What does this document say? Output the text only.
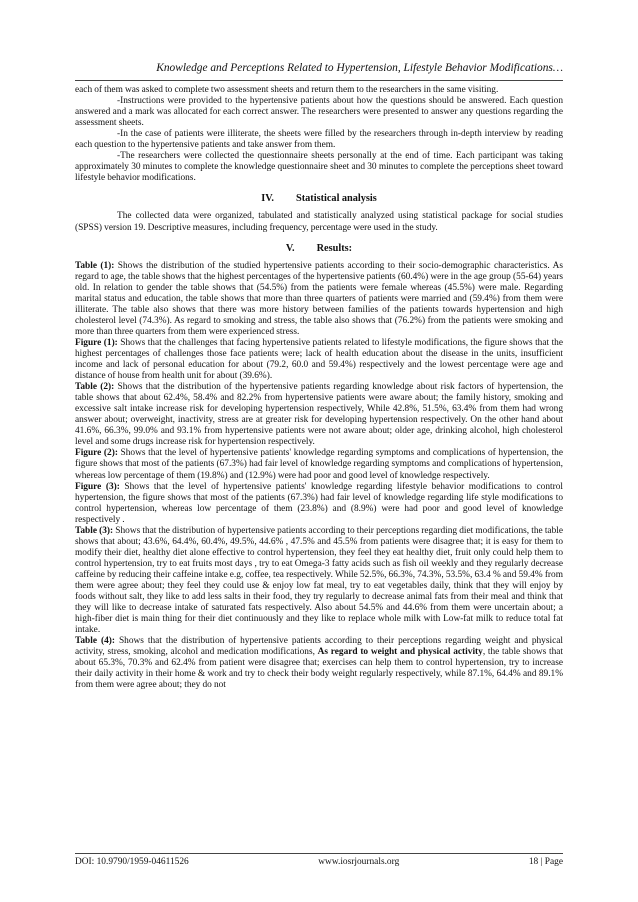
Knowledge and Perceptions Related to Hypertension, Lifestyle Behavior Modifications…

each of them was asked to complete two assessment sheets and return them to the researchers in the same visiting.

-Instructions were provided to the hypertensive patients about how the questions should be answered. Each question answered and a mark was allocated for each correct answer. The researchers were presented to answer any questions regarding the assessment sheets.

-In the case of patients were illiterate, the sheets were filled by the researchers through in-depth interview by reading each question to the hypertensive patients and take answer from them.

-The researchers were collected the questionnaire sheets personally at the end of time. Each participant was taking approximately 30 minutes to complete the knowledge questionnaire sheet and 30 minutes to complete the perceptions sheet toward lifestyle behavior modifications.

IV. Statistical analysis

The collected data were organized, tabulated and statistically analyzed using statistical package for social studies (SPSS) version 19. Descriptive measures, including frequency, percentage were used in the study.

V. Results:

Table (1): Shows the distribution of the studied hypertensive patients according to their socio-demographic characteristics. As regard to age, the table shows that the highest percentages of the hypertensive patients (60.4%) were in the age group (55-64) years old. In relation to gender the table shows that (54.5%) from the patients were female whereas (45.5%) were male. Regarding marital status and education, the table shows that more than three quarters of patients were married and (59.4%) from them were illiterate. The table also shows that there was more history between families of the patients towards hypertension and high cholesterol level (74.3%). As regard to smoking and stress, the table also shows that (76.2%) from the patients were smoking and more than three quarters from them were experienced stress.

Figure (1): Shows that the challenges that facing hypertensive patients related to lifestyle modifications, the figure shows that the highest percentages of challenges those face patients were; lack of health education about the disease in the units, insufficient income and lack of personal education for about (79.2, 60.0 and 59.4%) respectively and the lowest percentage were age and distance of house from health unit for about (39.6%).

Table (2): Shows that the distribution of the hypertensive patients regarding knowledge about risk factors of hypertension, the table shows that about 62.4%, 58.4% and 82.2% from hypertensive patients were aware about; the family history, smoking and excessive salt intake increase risk for developing hypertension respectively, While 42.8%, 51.5%, 63.4% from them had wrong answer about; overweight, inactivity, stress are at greater risk for developing hypertension respectively. On the other hand about 41.6%, 66.3%, 99.0% and 93.1% from hypertensive patients were not aware about; older age, drinking alcohol, high cholesterol level and some drugs increase risk for hypertension respectively.

Figure (2): Shows that the level of hypertensive patients' knowledge regarding symptoms and complications of hypertension, the figure shows that most of the patients (67.3%) had fair level of knowledge regarding symptoms and complications of hypertension, whereas low percentage of them (19.8%) and (12.9%) were had poor and good level of knowledge respectively.

Figure (3): Shows that the level of hypertensive patients' knowledge regarding lifestyle behavior modifications to control hypertension, the figure shows that most of the patients (67.3%) had fair level of knowledge regarding life style modifications to control hypertension, whereas low percentage of them (23.8%) and (8.9%) were had poor and good level of knowledge respectively .

Table (3): Shows that the distribution of hypertensive patients according to their perceptions regarding diet modifications, the table shows that about; 43.6%, 64.4%, 60.4%, 49.5%, 44.6% , 47.5% and 45.5% from patients were disagree that; it is easy for them to modify their diet, healthy diet alone effective to control hypertension, they feel they eat healthy diet, fruit only could help them to control hypertension, try to eat fruits most days , try to eat Omega-3 fatty acids such as fish oil weekly and they regularly decrease caffeine by reducing their caffeine intake e.g, coffee, tea respectively. While 52.5%, 66.3%, 74.3%, 53.5%, 63.4 % and 59.4% from them were agree about; they feel they could use & enjoy low fat meal, try to eat vegetables daily, think that they will enjoy by foods without salt, they like to add less salts in their food, they try regularly to decrease animal fats from their meal and think that they will like to decrease intake of saturated fats respectively. Also about 54.5% and 44.6% from them were uncertain about; a high-fiber diet is main thing for their diet continuously and they like to replace whole milk with Low-fat milk to reduce total fat intake.

Table (4): Shows that the distribution of hypertensive patients according to their perceptions regarding weight and physical activity, stress, smoking, alcohol and medication modifications, As regard to weight and physical activity, the table shows that about 65.3%, 70.3% and 62.4% from patient were disagree that; exercises can help them to control hypertension, try to increase their daily activity in their home & work and try to check their body weight regularly respectively, while 87.1%, 64.4% and 89.1% from them were agree about; they do not

DOI: 10.9790/1959-04611526	www.iosrjournals.org	18 | Page
